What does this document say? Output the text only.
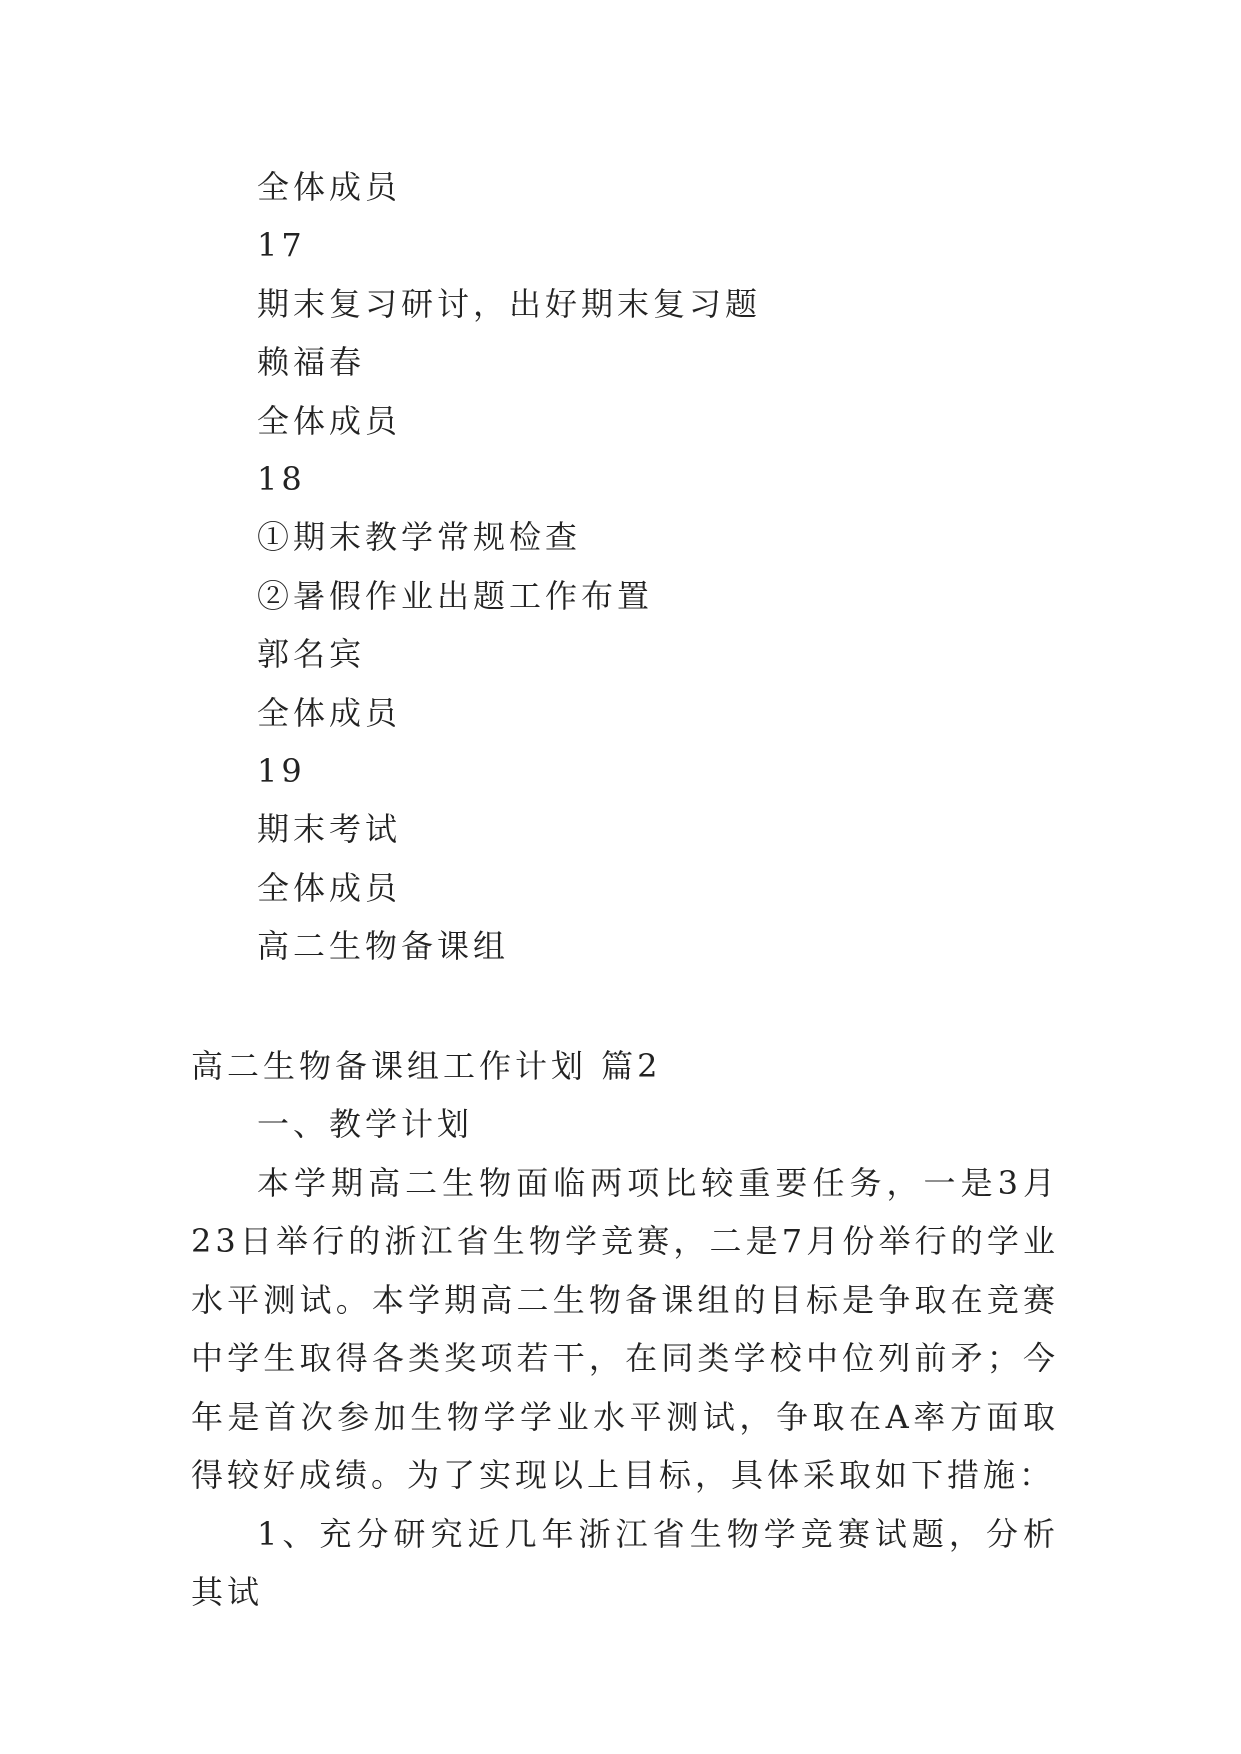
全体成员
17
期末复习研讨，出好期末复习题
赖福春
全体成员
18
①期末教学常规检查
②暑假作业出题工作布置
郭名宾
全体成员
19
期末考试
全体成员
高二生物备课组
高二生物备课组工作计划 篇2
一、教学计划

本学期高二生物面临两项比较重要任务，一是3月23日举行的浙江省生物学竞赛，二是7月份举行的学业水平测试。本学期高二生物备课组的目标是争取在竞赛中学生取得各类奖项若干，在同类学校中位列前矛；今年是首次参加生物学学业水平测试，争取在A率方面取得较好成绩。为了实现以上目标，具体采取如下措施：

1、充分研究近几年浙江省生物学竞赛试题，分析其试
